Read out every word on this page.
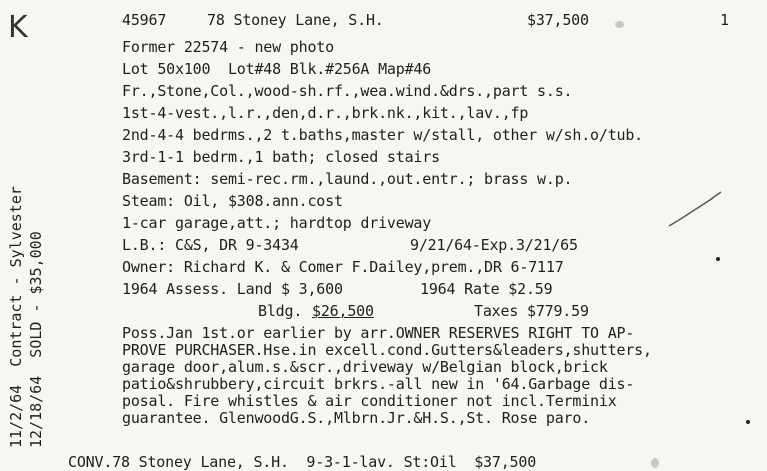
K	45967	78 Stoney Lane, S.H.	$37,500	1
Former 22574 - new photo
Lot 50x100  Lot#48 Blk.#256A Map#46
Fr.,Stone,Col.,wood-sh.rf.,wea.wind.&drs.,part s.s.
1st-4-vest.,l.r.,den,d.r.,brk.nk.,kit.,lav.,fp
2nd-4-4 bedrms.,2 t.baths,master w/stall, other w/sh.o/tub.
3rd-1-1 bedrm.,1 bath; closed stairs
Basement: semi-rec.rm.,laund.,out.entr.; brass w.p.
Steam: Oil, $308.ann.cost
1-car garage,att.; hardtop driveway
L.B.: C&S, DR 9-3434	9/21/64-Exp.3/21/65
Owner: Richard K. & Comer F.Dailey,prem.,DR 6-7117
1964 Assess. Land $ 3,600	1964 Rate $2.59
Bldg. $26,500	Taxes $779.59
Poss.Jan 1st.or earlier by arr.OWNER RESERVES RIGHT TO AP-
PROVE PURCHASER.Hse.in excell.cond.Gutters&leaders,shutters,
garage door,alum.s.&scr.,driveway w/Belgian block,brick
patio&shrubbery,circuit brkrs.-all new in '64.Garbage dis-
posal. Fire whistles & air conditioner not incl.Terminix
guarantee. GlenwoodG.S.,Mlbrn.Jr.&H.S.,St. Rose paro.
11/2/64  Contract - Sylvester 12/18/64  SOLD - $35,000
CONV.78 Stoney Lane, S.H.  9-3-1-lav. St:Oil  $37,500
